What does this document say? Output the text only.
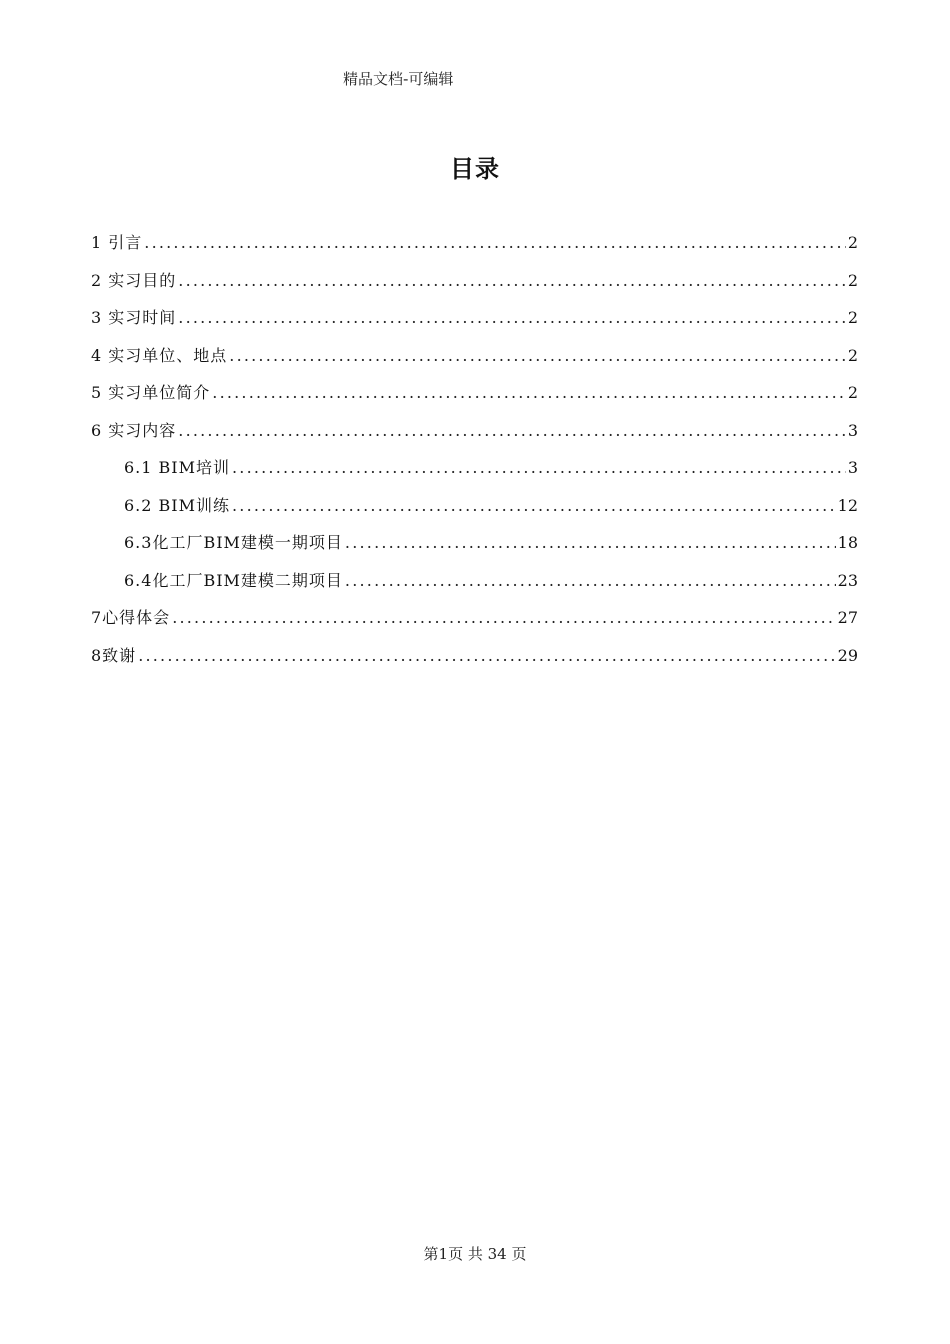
精品文档-可编辑
目录
1 引言 .....	2
2 实习目的 .....	2
3 实习时间 .....	2
4 实习单位、地点 .....	2
5 实习单位简介 .....	2
6 实习内容 .....	3
6.1 BIM培训 .....	3
6.2 BIM训练 .....	12
6.3化工厂BIM建模一期项目 .....	18
6.4化工厂BIM建模二期项目 .....	23
7心得体会 .....	27
8致谢 .....	29
第1页 共 34 页
